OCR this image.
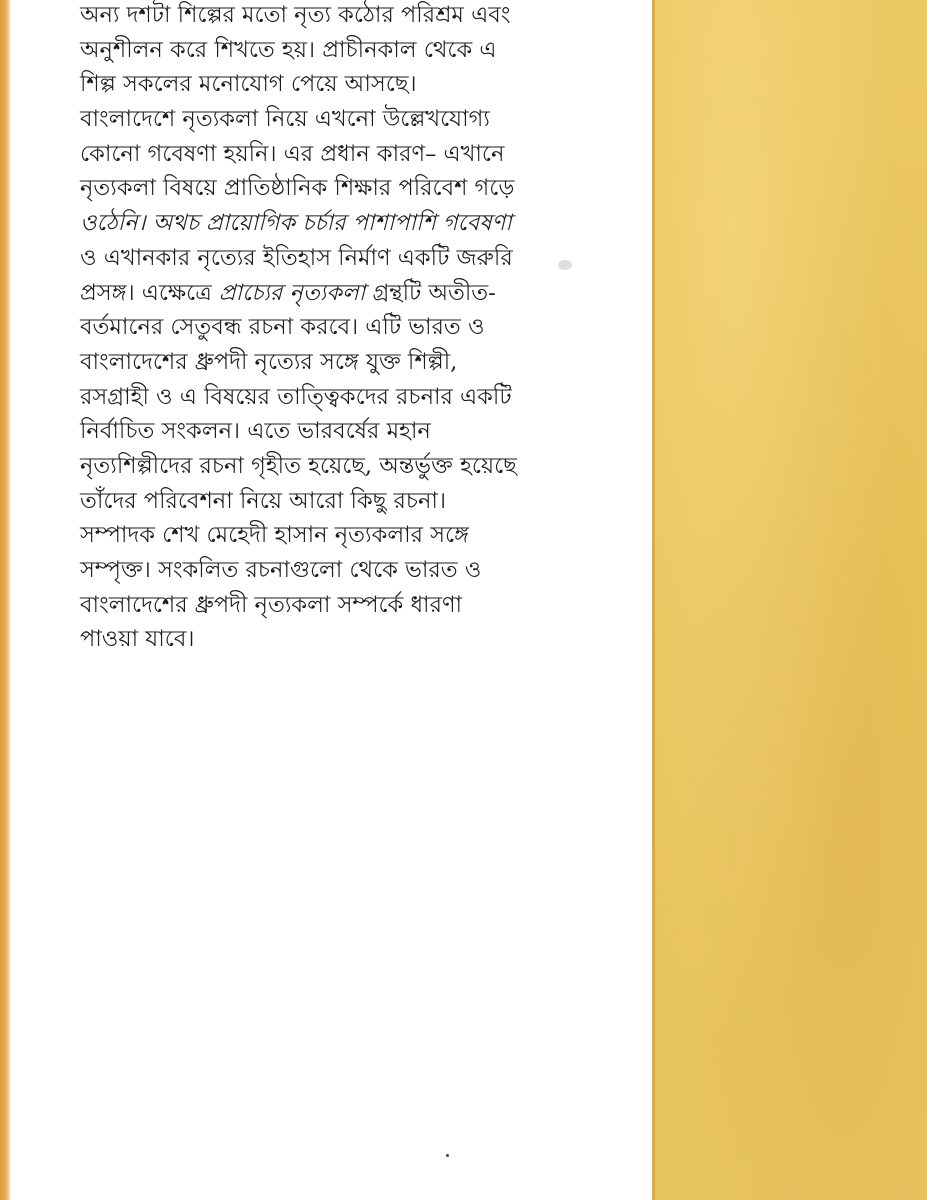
অন্য দশটা শিল্পের মতো নৃত্য কঠোর পরিশ্রম এবং
অনুশীলন করে শিখতে হয়। প্রাচীনকাল থেকে এ
শিল্প সকলের মনোযোগ পেয়ে আসছে।
বাংলাদেশে নৃত্যকলা নিয়ে এখনো উল্লেখযোগ্য
কোনো গবেষণা হয়নি। এর প্রধান কারণ– এখানে
নৃত্যকলা বিষয়ে প্রাতিষ্ঠানিক শিক্ষার পরিবেশ গড়ে
ওঠেনি। অথচ প্রায়োগিক চর্চার পাশাপাশি গবেষণা
ও এখানকার নৃত্যের ইতিহাস নির্মাণ একটি জরুরি
প্রসঙ্গ। এক্ষেত্রে প্রাচ্যের নৃত্যকলা গ্রন্থটি অতীত-
বর্তমানের সেতুবন্ধ রচনা করবে। এটি ভারত ও
বাংলাদেশের ধ্রুপদী নৃত্যের সঙ্গে যুক্ত শিল্পী,
রসগ্রাহী ও এ বিষয়ের তাত্ত্বিকদের রচনার একটি
নির্বাচিত সংকলন। এতে ভারবর্ষের মহান
নৃত্যশিল্পীদের রচনা গৃহীত হয়েছে, অন্তর্ভুক্ত হয়েছে
তাঁদের পরিবেশনা নিয়ে আরো কিছু রচনা।
সম্পাদক শেখ মেহেদী হাসান নৃত্যকলার সঙ্গে
সম্পৃক্ত। সংকলিত রচনাগুলো থেকে ভারত ও
বাংলাদেশের ধ্রুপদী নৃত্যকলা সম্পর্কে ধারণা
পাওয়া যাবে।
